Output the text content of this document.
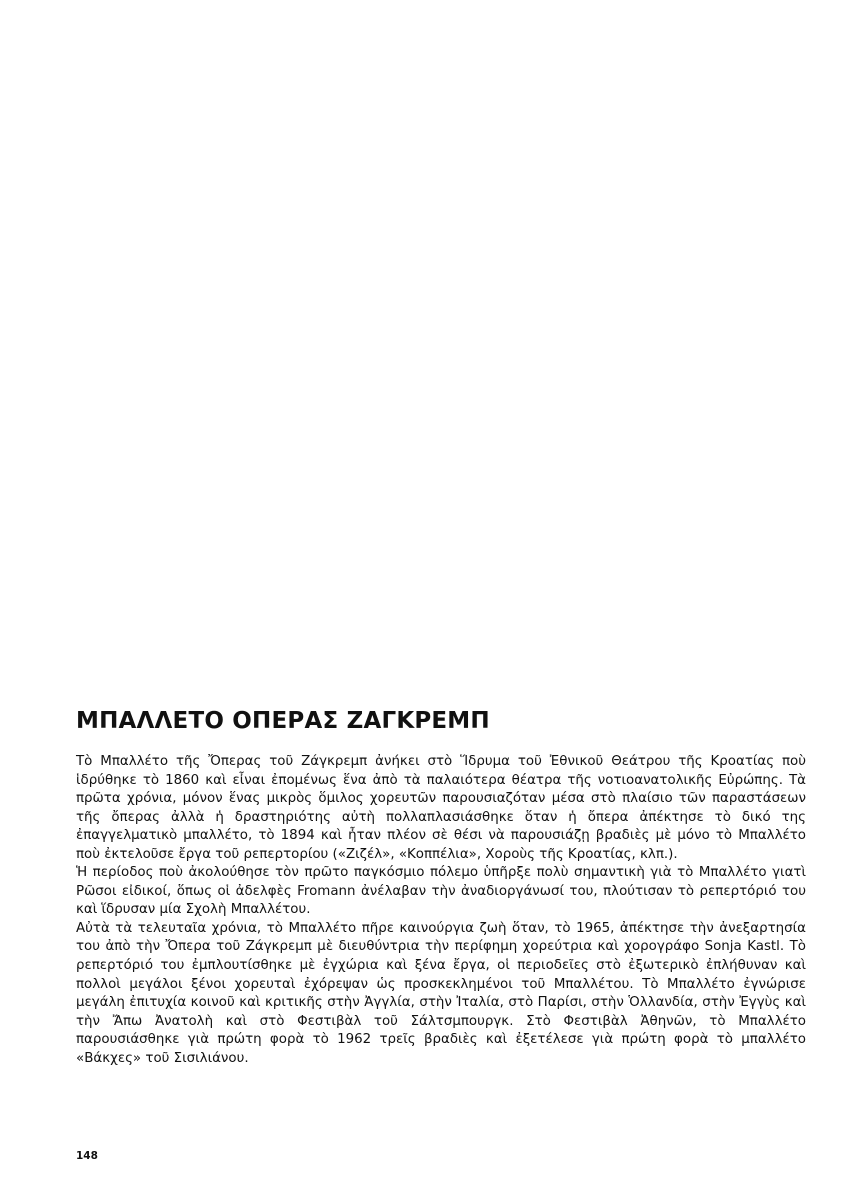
ΜΠΑΛΛΕΤΟ ΟΠΕΡΑΣ ΖΑΓΚΡΕΜΠ

Τὸ Μπαλλέτο τῆς Ὄπερας τοῦ Ζάγκρεμπ ἀνήκει στὸ Ἵδρυμα τοῦ Ἐθνικοῦ Θεάτρου τῆς Κροατίας ποὺ ἱδρύθηκε τὸ 1860 καὶ εἶναι ἐπομένως ἕνα ἀπὸ τὰ παλαιότερα θέατρα τῆς νοτιοανατολικῆς Εὐρώπης. Τὰ πρῶτα χρόνια, μόνον ἕνας μικρὸς ὅμιλος χορευτῶν παρουσιαζόταν μέσα στὸ πλαίσιο τῶν παραστάσεων τῆς ὄπερας ἀλλὰ ἡ δραστηριότης αὐτὴ πολλαπλασιάσθηκε ὅταν ἡ ὄπερα ἀπέκτησε τὸ δικό της ἐπαγγελματικὸ μπαλλέτο, τὸ 1894 καὶ ἦταν πλέον σὲ θέσι νὰ παρουσιάζῃ βραδιὲς μὲ μόνο τὸ Μπαλλέτο ποὺ ἐκτελοῦσε ἔργα τοῦ ρεπερτορίου («Ζιζέλ», «Κοππέλια», Χοροὺς τῆς Κροατίας, κλπ.).

Ἡ περίοδος ποὺ ἀκολούθησε τὸν πρῶτο παγκόσμιο πόλεμο ὑπῆρξε πολὺ σημαντικὴ γιὰ τὸ Μπαλλέτο γιατὶ Ρῶσοι εἰδικοί, ὅπως οἱ ἀδελφὲς Fromann ἀνέλαβαν τὴν ἀναδιοργάνωσί του, πλούτισαν τὸ ρεπερτόριό του καὶ ἵδρυσαν μία Σχολὴ Μπαλλέτου.

Αὐτὰ τὰ τελευταῖα χρόνια, τὸ Μπαλλέτο πῆρε καινούργια ζωὴ ὅταν, τὸ 1965, ἀπέκτησε τὴν ἀνεξαρτησία του ἀπὸ τὴν Ὄπερα τοῦ Ζάγκρεμπ μὲ διευθύντρια τὴν περίφημη χορεύτρια καὶ χορογράφο Sonja Kastl. Τὸ ρεπερτόριό του ἐμπλουτίσθηκε μὲ ἐγχώρια καὶ ξένα ἔργα, οἱ περιοδεῖες στὸ ἐξωτερικὸ ἐπλήθυναν καὶ πολλοὶ μεγάλοι ξένοι χορευταὶ ἐχόρεψαν ὡς προσκεκλημένοι τοῦ Μπαλλέτου. Τὸ Μπαλλέτο ἐγνώρισε μεγάλη ἐπιτυχία κοινοῦ καὶ κριτικῆς στὴν Ἀγγλία, στὴν Ἰταλία, στὸ Παρίσι, στὴν Ὁλλανδία, στὴν Ἐγγὺς καὶ τὴν Ἄπω Ἀνατολὴ καὶ στὸ Φεστιβὰλ τοῦ Σάλτσμπουργκ. Στὸ Φεστιβὰλ Ἀθηνῶν, τὸ Μπαλλέτο παρουσιάσθηκε γιὰ πρώτη φορὰ τὸ 1962 τρεῖς βραδιὲς καὶ ἐξετέλεσε γιὰ πρώτη φορὰ τὸ μπαλλέτο «Βάκχες» τοῦ Σισιλιάνου.

148
